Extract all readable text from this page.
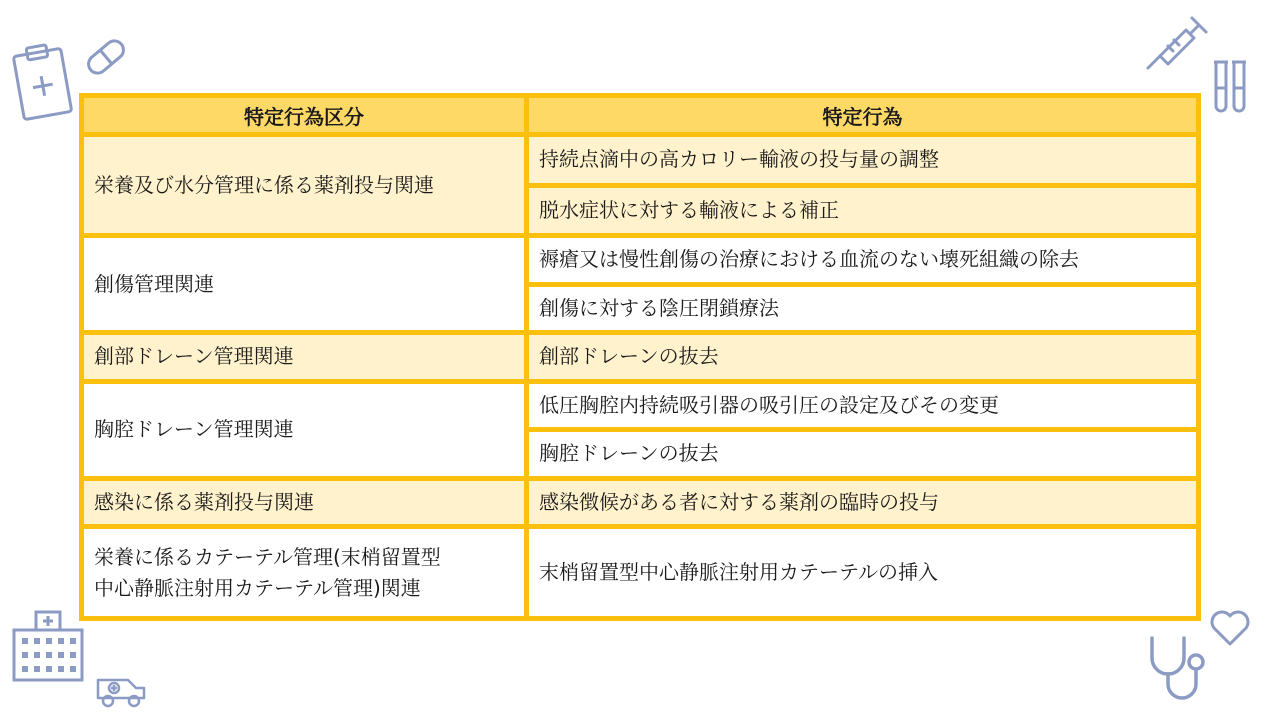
特定行為区分	特定行為
栄養及び水分管理に係る薬剤投与関連	持続点滴中の高カロリー輸液の投与量の調整
	脱水症状に対する輸液による補正
創傷管理関連	褥瘡又は慢性創傷の治療における血流のない壊死組織の除去
	創傷に対する陰圧閉鎖療法
創部ドレーン管理関連	創部ドレーンの抜去
胸腔ドレーン管理関連	低圧胸腔内持続吸引器の吸引圧の設定及びその変更
	胸腔ドレーンの抜去
感染に係る薬剤投与関連	感染徴候がある者に対する薬剤の臨時の投与

栄養に係るカテーテル管理(末梢留置型
中心静脈注射用カテーテル管理)関連	末梢留置型中心静脈注射用カテーテルの挿入
